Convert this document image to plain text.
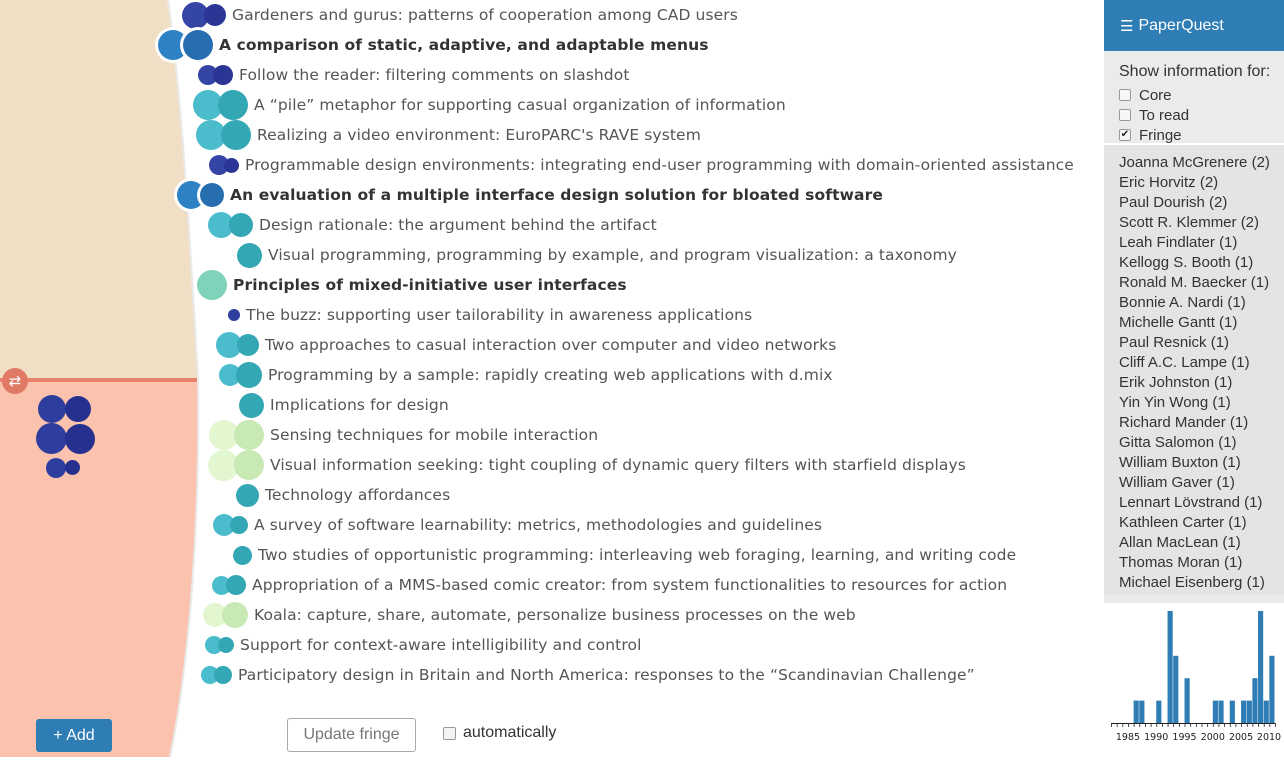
⇄
+ Add
Gardeners and gurus: patterns of cooperation among CAD users
A comparison of static, adaptive, and adaptable menus
Follow the reader: filtering comments on slashdot
A “pile” metaphor for supporting casual organization of information
Realizing a video environment: EuroPARC's RAVE system
Programmable design environments: integrating end-user programming with domain-oriented assistance
An evaluation of a multiple interface design solution for bloated software
Design rationale: the argument behind the artifact
Visual programming, programming by example, and program visualization: a taxonomy
Principles of mixed-initiative user interfaces
The buzz: supporting user tailorability in awareness applications
Two approaches to casual interaction over computer and video networks
Programming by a sample: rapidly creating web applications with d.mix
Implications for design
Sensing techniques for mobile interaction
Visual information seeking: tight coupling of dynamic query filters with starfield displays
Technology affordances
A survey of software learnability: metrics, methodologies and guidelines
Two studies of opportunistic programming: interleaving web foraging, learning, and writing code
Appropriation of a MMS-based comic creator: from system functionalities to resources for action
Koala: capture, share, automate, personalize business processes on the web
Support for context-aware intelligibility and control
Participatory design in Britain and North America: responses to the “Scandinavian Challenge”
Update fringe	automatically
☰ PaperQuest
Show information for:
Core
To read
✔ Fringe
Joanna McGrenere (2)
Eric Horvitz (2)
Paul Dourish (2)
Scott R. Klemmer (2)
Leah Findlater (1)
Kellogg S. Booth (1)
Ronald M. Baecker (1)
Bonnie A. Nardi (1)
Michelle Gantt (1)
Paul Resnick (1)
Cliff A.C. Lampe (1)
Erik Johnston (1)
Yin Yin Wong (1)
Richard Mander (1)
Gitta Salomon (1)
William Buxton (1)
William Gaver (1)
Lennart Lövstrand (1)
Kathleen Carter (1)
Allan MacLean (1)
Thomas Moran (1)
Michael Eisenberg (1)
1985 1990 1995 2000 2005 2010
